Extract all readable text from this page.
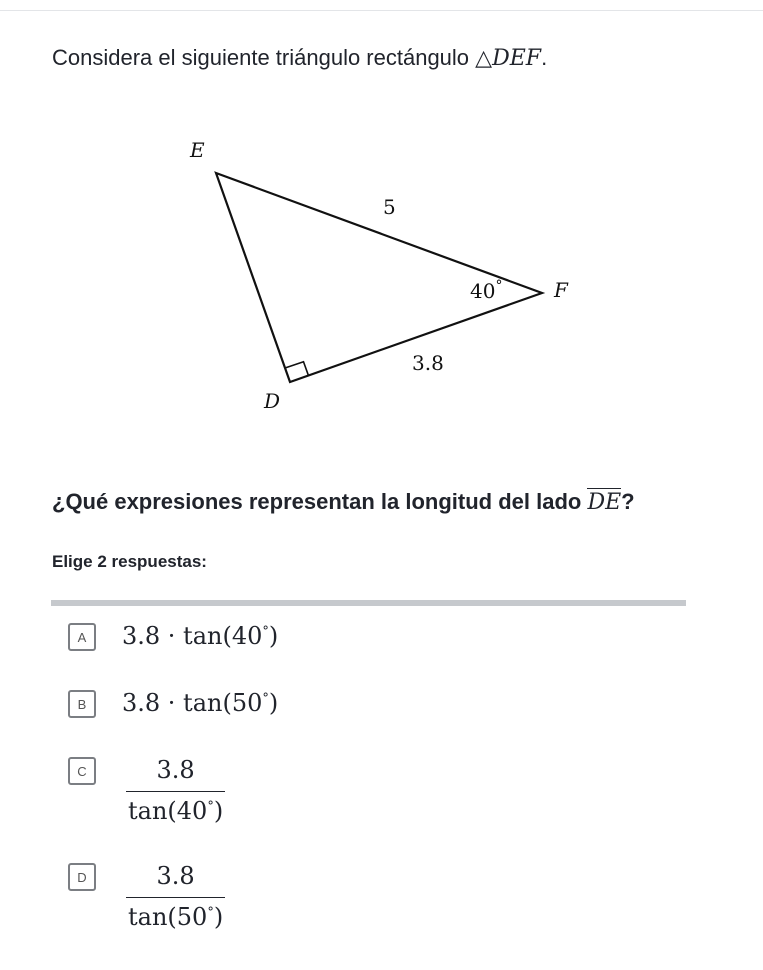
Considera el siguiente triángulo rectángulo △DEF.
E
F
D
5
3.8
40°
¿Qué expresiones representan la longitud del lado DE?
Elige 2 respuestas:
A	3.8 · tan(40°)
B	3.8 · tan(50°)
C	$\frac{3.8}{\tan(40^\circ)}$
D	$\frac{3.8}{\tan(50^\circ)}$
